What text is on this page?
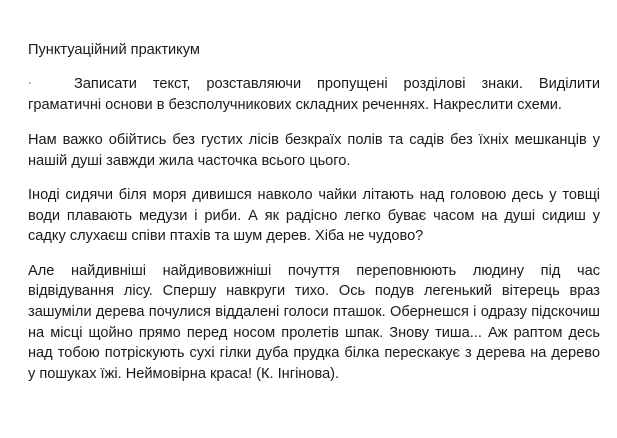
Пунктуаційний практикум

·	Записати текст, розставляючи пропущені розділові знаки. Виділити граматичні основи в безсполучникових складних реченнях. Накреслити схеми.

Нам важко обійтись без густих лісів безкраїх полів та садів без їхніх мешканців у нашій душі завжди жила часточка всього цього.

Іноді сидячи біля моря дивишся навколо чайки літають над головою десь у товщі води плавають медузи і риби. А як радісно легко буває часом на душі сидиш у садку слухаєш співи птахів та шум дерев. Хіба не чудово?

Але найдивніші найдивовижніші почуття переповнюють людину під час відвідування лісу. Спершу навкруги тихо. Ось подув легенький вітерець враз зашуміли дерева почулися віддалені голоси пташок. Обернешся і одразу підскочиш на місці щойно прямо перед носом пролетів шпак. Знову тиша... Аж раптом десь над тобою потріскують сухі гілки дуба прудка білка перескакує з дерева на дерево у пошуках їжі. Неймовірна краса! (К. Інгінова).
